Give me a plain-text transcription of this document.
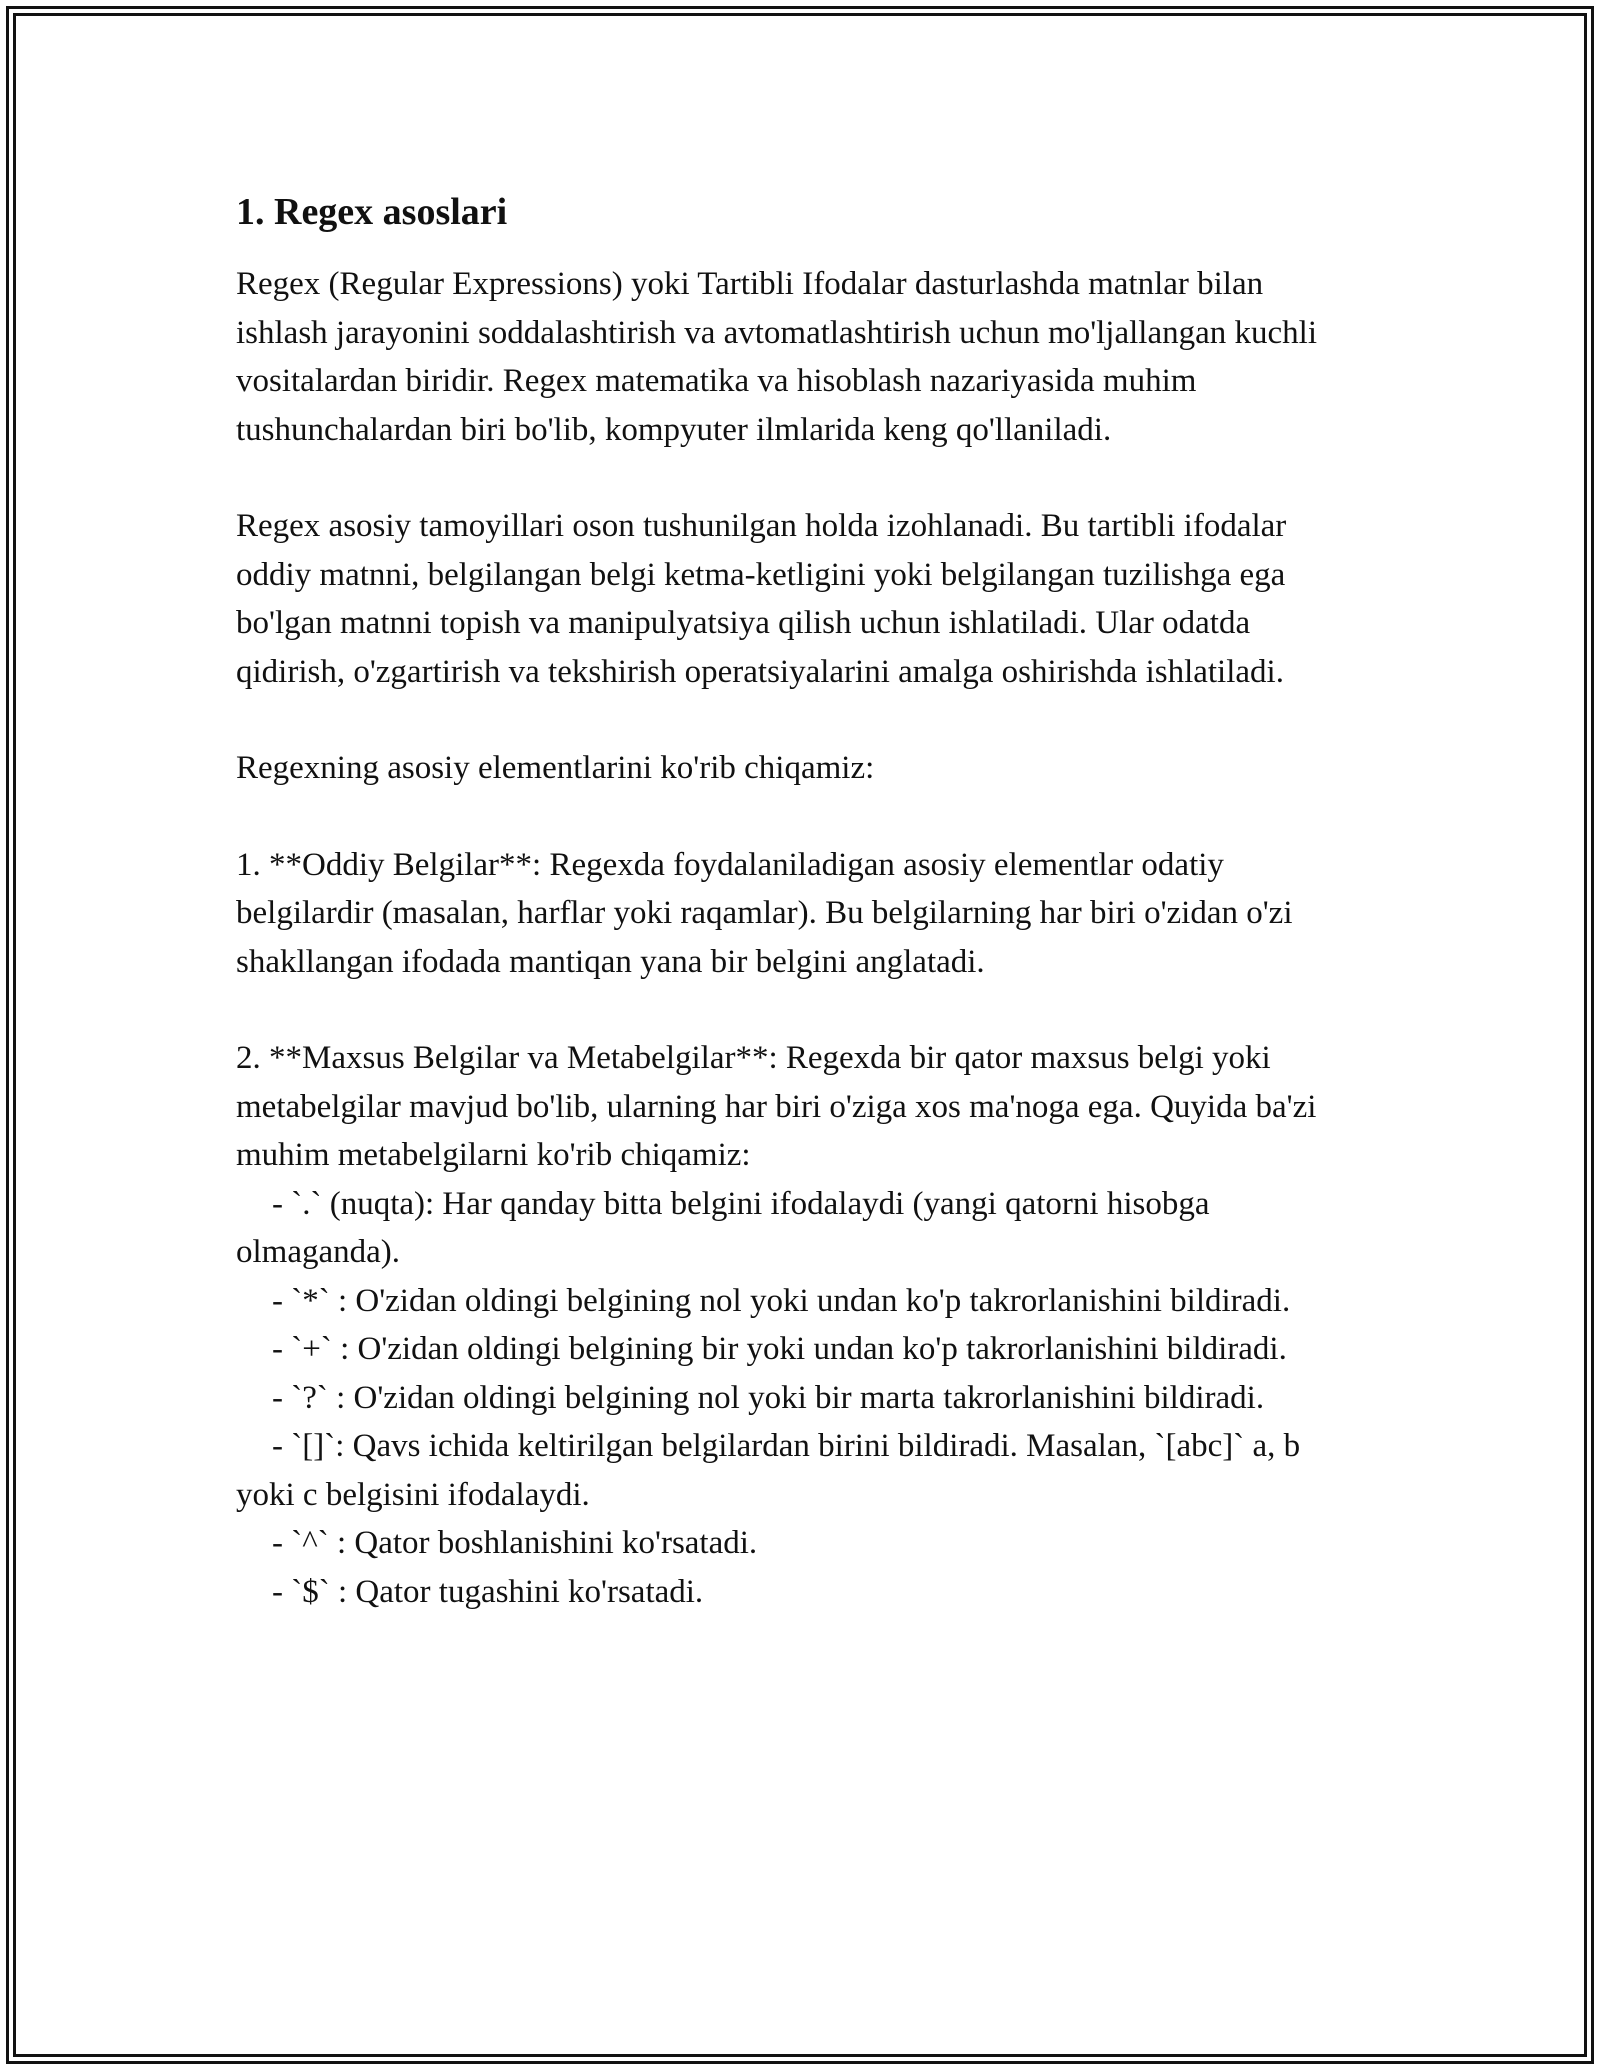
1. Regex asoslari

Regex (Regular Expressions) yoki Tartibli Ifodalar dasturlashda matnlar bilan ishlash jarayonini soddalashtirish va avtomatlashtirish uchun mo'ljallangan kuchli vositalardan biridir. Regex matematika va hisoblash nazariyasida muhim tushunchalardan biri bo'lib, kompyuter ilmlarida keng qo'llaniladi.

Regex asosiy tamoyillari oson tushunilgan holda izohlanadi. Bu tartibli ifodalar oddiy matnni, belgilangan belgi ketma-ketligini yoki belgilangan tuzilishga ega bo'lgan matnni topish va manipulyatsiya qilish uchun ishlatiladi. Ular odatda qidirish, o'zgartirish va tekshirish operatsiyalarini amalga oshirishda ishlatiladi.

Regexning asosiy elementlarini ko'rib chiqamiz:

1. **Oddiy Belgilar**: Regexda foydalaniladigan asosiy elementlar odatiy belgilardir (masalan, harflar yoki raqamlar). Bu belgilarning har biri o'zidan o'zi shakllangan ifodada mantiqan yana bir belgini anglatadi.

2. **Maxsus Belgilar va Metabelgilar**: Regexda bir qator maxsus belgi yoki metabelgilar mavjud bo'lib, ularning har biri o'ziga xos ma'noga ega. Quyida ba'zi muhim metabelgilarni ko'rib chiqamiz:
- `.` (nuqta): Har qanday bitta belgini ifodalaydi (yangi qatorni hisobga olmaganda).
- `*` : O'zidan oldingi belgining nol yoki undan ko'p takrorlanishini bildiradi.
- `+` : O'zidan oldingi belgining bir yoki undan ko'p takrorlanishini bildiradi.
- `?` : O'zidan oldingi belgining nol yoki bir marta takrorlanishini bildiradi.
- `[]`: Qavs ichida keltirilgan belgilardan birini bildiradi. Masalan, `[abc]` a, b yoki c belgisini ifodalaydi.
- `^` : Qator boshlanishini ko'rsatadi.
- `$` : Qator tugashini ko'rsatadi.
